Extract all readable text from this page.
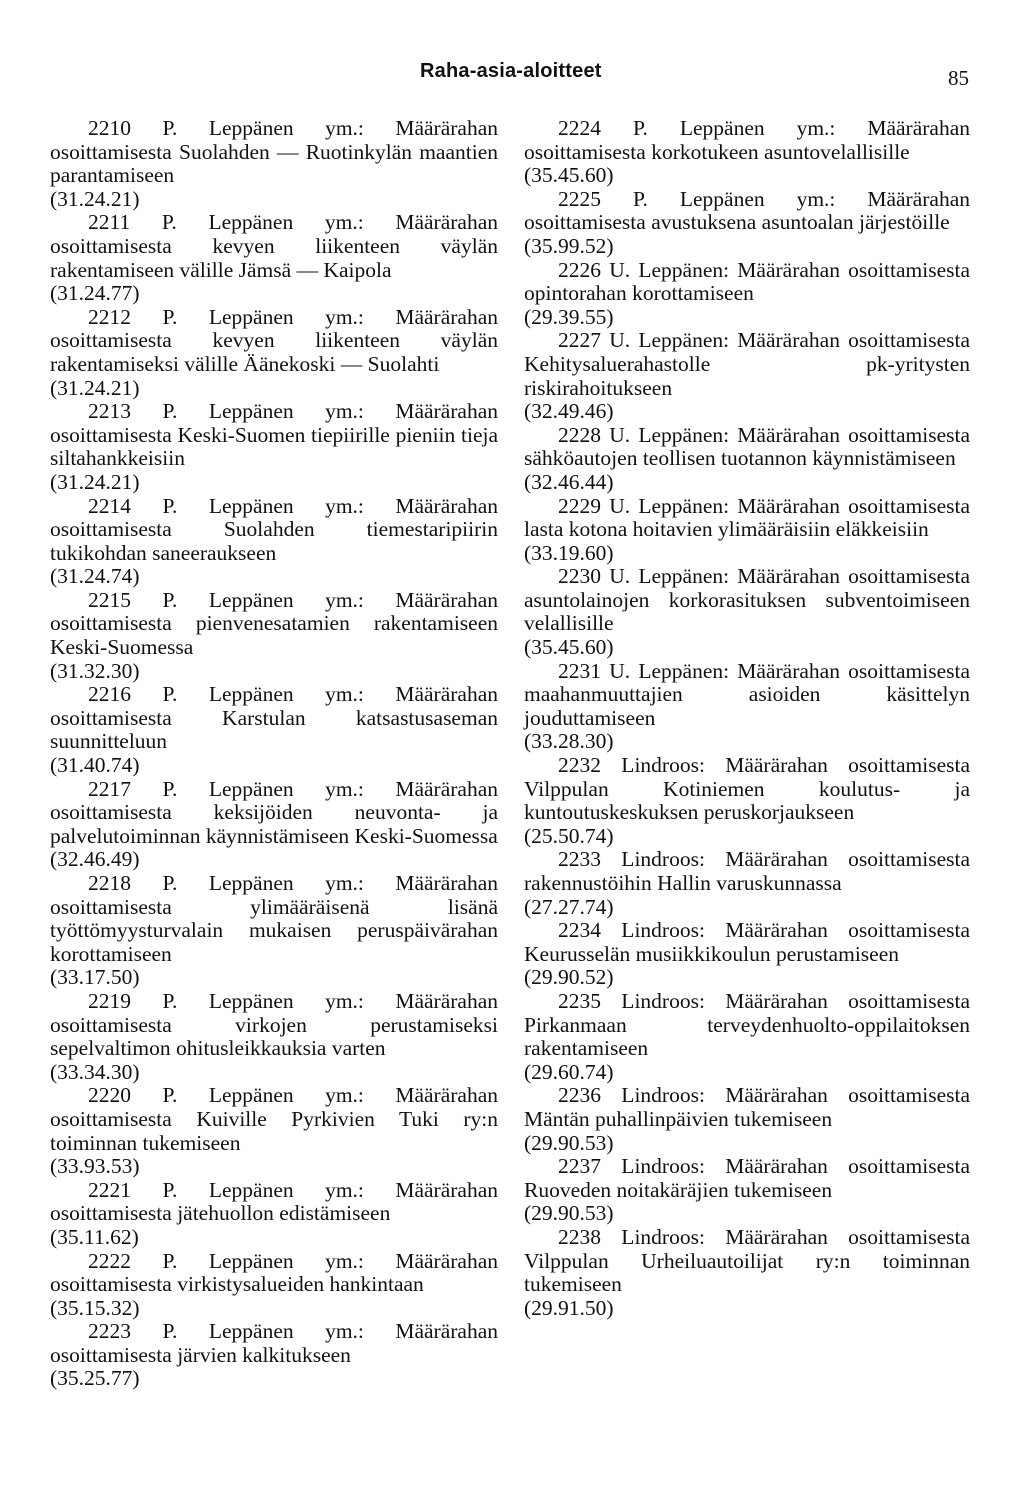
Raha-asia-aloitteet	85
2210 P. Leppänen ym.: Määrärahan osoittamisesta Suolahden — Ruotinkylän maantien parantamiseen
(31.24.21)
2211 P. Leppänen ym.: Määrärahan osoittamisesta kevyen liikenteen väylän rakentamiseen välille Jämsä — Kaipola
(31.24.77)
2212 P. Leppänen ym.: Määrärahan osoittamisesta kevyen liikenteen väylän rakentamiseksi välille Äänekoski — Suolahti
(31.24.21)
2213 P. Leppänen ym.: Määrärahan osoittamisesta Keski-Suomen tiepiirille pieniin tieja siltahankkeisiin
(31.24.21)
2214 P. Leppänen ym.: Määrärahan osoittamisesta Suolahden tiemestaripiirin tukikohdan saneeraukseen
(31.24.74)
2215 P. Leppänen ym.: Määrärahan osoittamisesta pienvenesatamien rakentamiseen Keski-Suomessa
(31.32.30)
2216 P. Leppänen ym.: Määrärahan osoittamisesta Karstulan katsastusaseman suunnitteluun
(31.40.74)
2217 P. Leppänen ym.: Määrärahan osoittamisesta keksijöiden neuvonta- ja palvelutoiminnan käynnistämiseen Keski-Suomessa
(32.46.49)
2218 P. Leppänen ym.: Määrärahan osoittamisesta ylimääräisenä lisänä työttömyysturvalain mukaisen peruspäivärahan korottamiseen
(33.17.50)
2219 P. Leppänen ym.: Määrärahan osoittamisesta virkojen perustamiseksi sepelvaltimon ohitusleikkauksia varten
(33.34.30)
2220 P. Leppänen ym.: Määrärahan osoittamisesta Kuiville Pyrkivien Tuki ry:n toiminnan tukemiseen
(33.93.53)
2221 P. Leppänen ym.: Määrärahan osoittamisesta jätehuollon edistämiseen
(35.11.62)
2222 P. Leppänen ym.: Määrärahan osoittamisesta virkistysalueiden hankintaan
(35.15.32)
2223 P. Leppänen ym.: Määrärahan osoittamisesta järvien kalkitukseen
(35.25.77)
2224 P. Leppänen ym.: Määrärahan osoittamisesta korkotukeen asuntovelallisille
(35.45.60)
2225 P. Leppänen ym.: Määrärahan osoittamisesta avustuksena asuntoalan järjestöille
(35.99.52)
2226 U. Leppänen: Määrärahan osoittamisesta opintorahan korottamiseen
(29.39.55)
2227 U. Leppänen: Määrärahan osoittamisesta Kehitysaluerahastolle pk-yritysten riskirahoitukseen
(32.49.46)
2228 U. Leppänen: Määrärahan osoittamisesta sähköautojen teollisen tuotannon käynnistämiseen
(32.46.44)
2229 U. Leppänen: Määrärahan osoittamisesta lasta kotona hoitavien ylimääräisiin eläkkeisiin
(33.19.60)
2230 U. Leppänen: Määrärahan osoittamisesta asuntolainojen korkorasituksen subventoimiseen velallisille
(35.45.60)
2231 U. Leppänen: Määrärahan osoittamisesta maahanmuuttajien asioiden käsittelyn jouduttamiseen
(33.28.30)
2232 Lindroos: Määrärahan osoittamisesta Vilppulan Kotiniemen koulutus- ja kuntoutuskeskuksen peruskorjaukseen
(25.50.74)
2233 Lindroos: Määrärahan osoittamisesta rakennustöihin Hallin varuskunnassa
(27.27.74)
2234 Lindroos: Määrärahan osoittamisesta Keurusselän musiikkikoulun perustamiseen
(29.90.52)
2235 Lindroos: Määrärahan osoittamisesta Pirkanmaan terveydenhuolto-oppilaitoksen rakentamiseen
(29.60.74)
2236 Lindroos: Määrärahan osoittamisesta Mäntän puhallinpäivien tukemiseen
(29.90.53)
2237 Lindroos: Määrärahan osoittamisesta Ruoveden noitakäräjien tukemiseen
(29.90.53)
2238 Lindroos: Määrärahan osoittamisesta Vilppulan Urheiluautoilijat ry:n toiminnan tukemiseen
(29.91.50)
